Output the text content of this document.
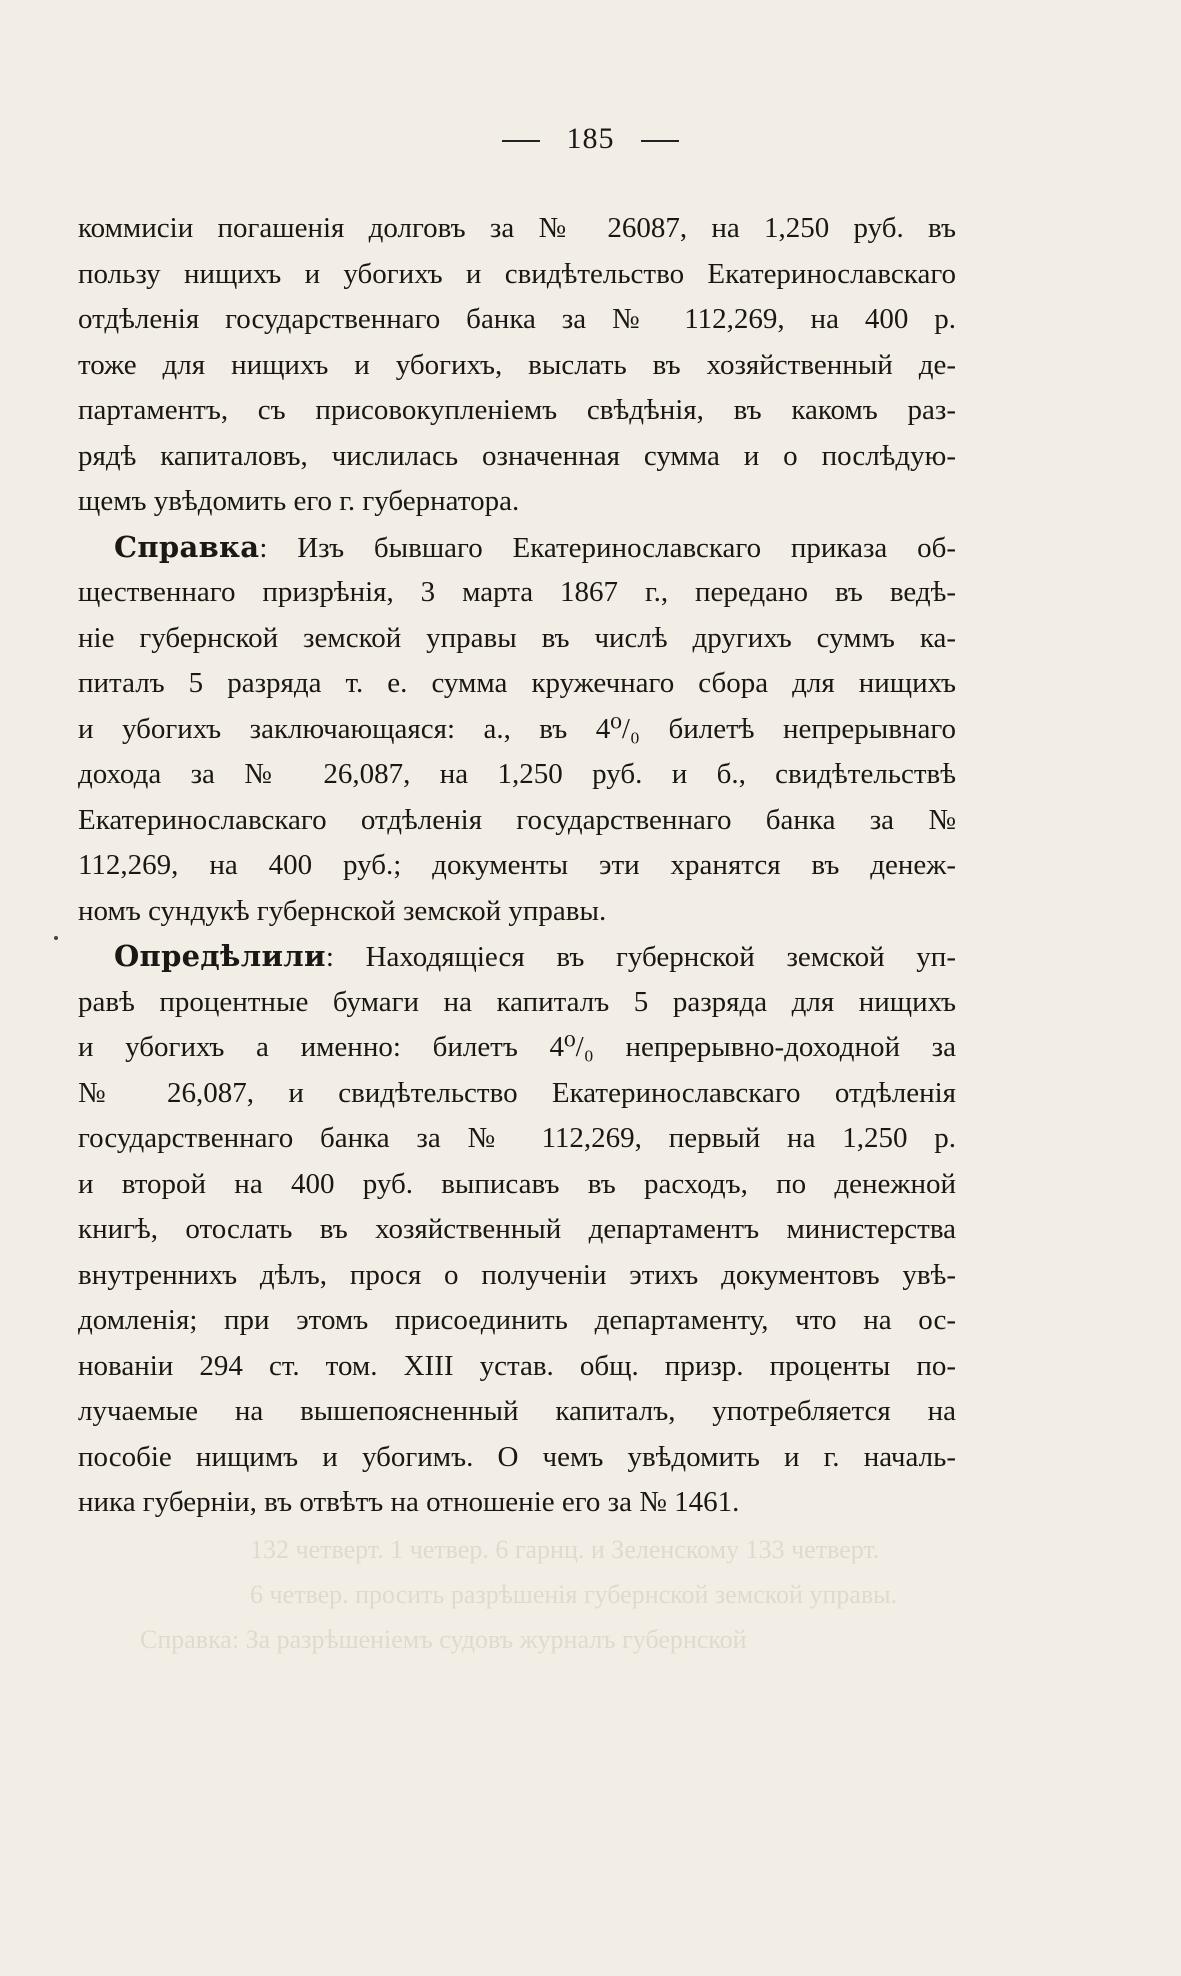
185
коммисіи погашенія долговъ за № 26087, на 1,250 руб. въ
пользу нищихъ и убогихъ и свидѣтельство Екатеринославскаго
отдѣленія государственнаго банка за № 112,269, на 400 р.
тоже для нищихъ и убогихъ, выслать въ хозяйственный де-
партаментъ, съ присовокупленіемъ свѣдѣнія, въ какомъ раз-
рядѣ капиталовъ, числилась означенная сумма и о послѣдую-
щемъ увѣдомить его г. губернатора.
Справка: Изъ бывшаго Екатеринославскаго приказа об-
щественнаго призрѣнія, 3 марта 1867 г., передано въ ведѣ-
ніе губернской земской управы въ числѣ другихъ суммъ ка-
питалъ 5 разряда т. е. сумма кружечнаго сбора для нищихъ
и убогихъ заключающаяся: а., въ 4⁰/₀ билетѣ непрерывнаго
дохода за № 26,087, на 1,250 руб. и б., свидѣтельствѣ
Екатеринославскаго отдѣленія государственнаго банка за №
112,269, на 400 руб.; документы эти хранятся въ денеж-
номъ сундукѣ губернской земской управы.
Опредѣлили: Находящіеся въ губернской земской уп-
равѣ процентные бумаги на капиталъ 5 разряда для нищихъ
и убогихъ а именно: билетъ 4⁰/₀ непрерывно-доходной за
№ 26,087, и свидѣтельство Екатеринославскаго отдѣленія
государственнаго банка за № 112,269, первый на 1,250 р.
и второй на 400 руб. выписавъ въ расходъ, по денежной
книгѣ, отослать въ хозяйственный департаментъ министерства
внутреннихъ дѣлъ, прося о полученіи этихъ документовъ увѣ-
домленія; при этомъ присоединить департаменту, что на ос-
нованіи 294 ст. том. XIII устав. общ. призр. проценты по-
лучаемые на вышепоясненный капиталъ, употребляется на
пособіе нищимъ и убогимъ. О чемъ увѣдомить и г. началь-
ника губерніи, въ отвѣтъ на отношеніе его за № 1461.
132 четверт. 1 четвер. 6 гарнц. и Зеленскому 133 четверт.
6 четвер. просить разрѣшенія губернской земской управы.
Справка: За разрѣшеніемъ судовъ журналъ губернской
